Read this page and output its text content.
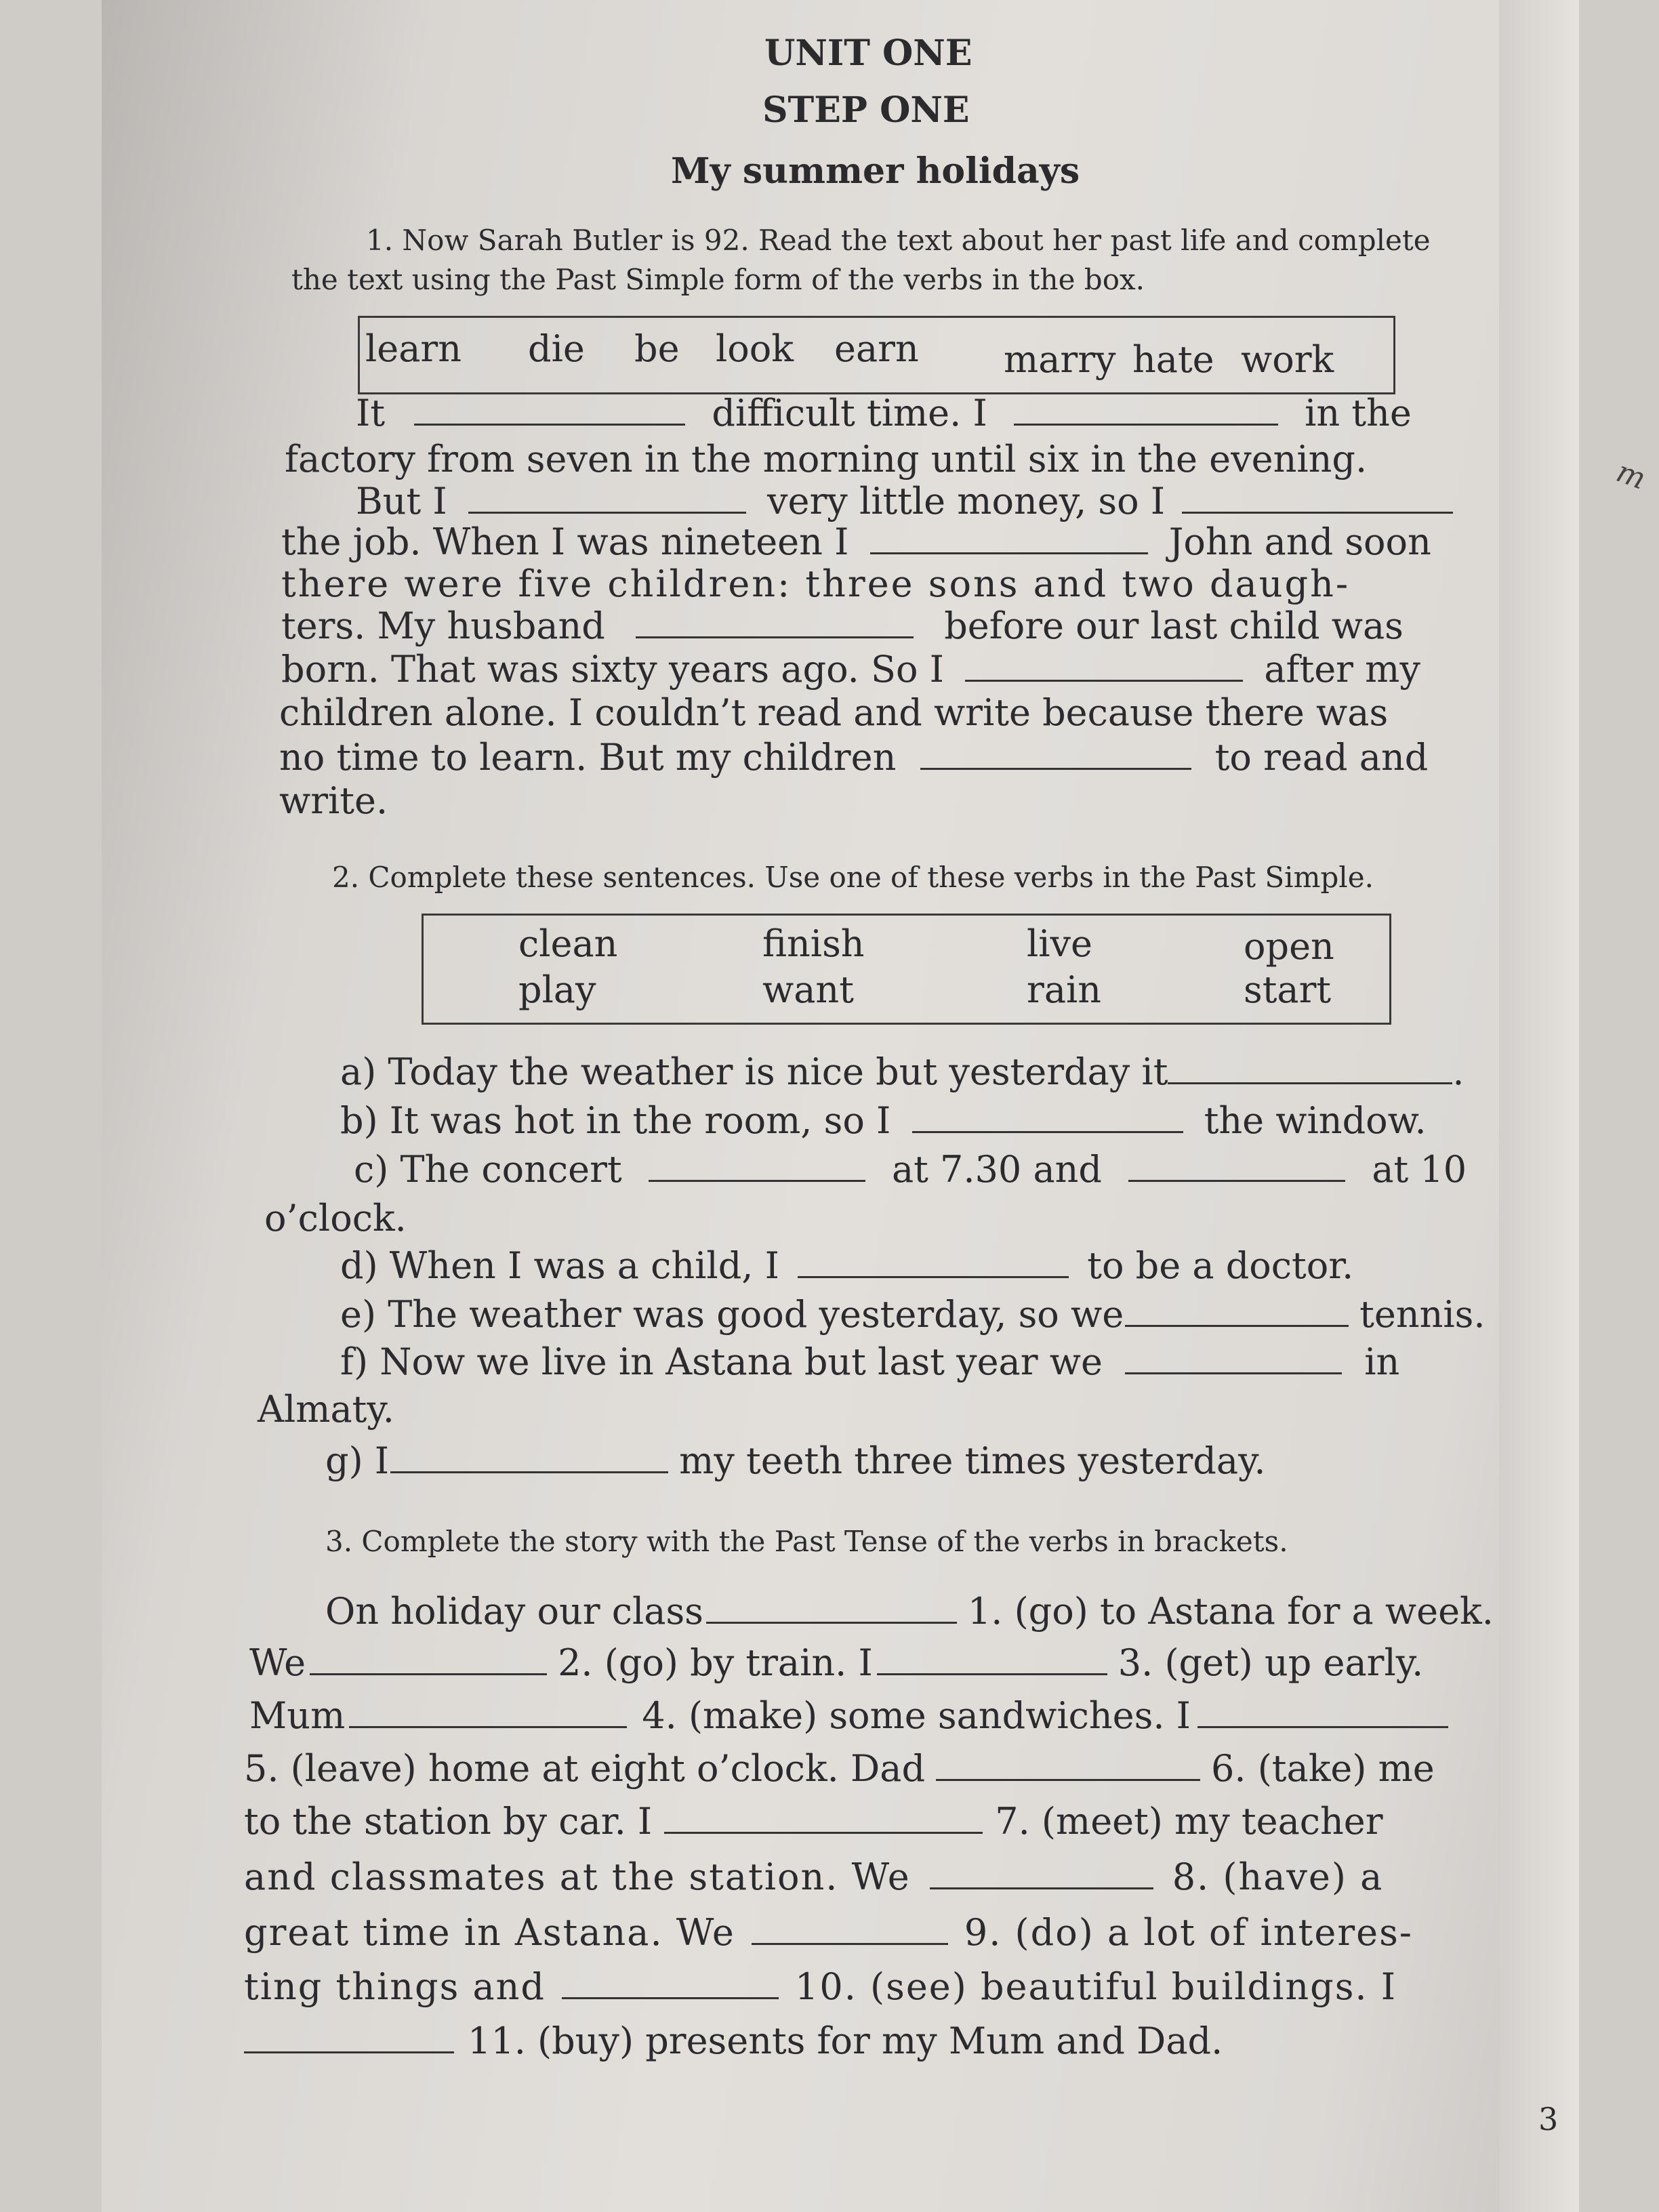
UNIT ONE
STEP ONE
My summer holidays
1. Now Sarah Butler is 92. Read the text about her past life and complete
the text using the Past Simple form of the verbs in the box.
learn die be look earn marry hate work
It	difficult time. I	in the
factory from seven in the morning until six in the evening.
But I	very little money, so I
the job. When I was nineteen I	John and soon
there were five children: three sons and two daugh-
ters. My husband	before our last child was
born. That was sixty years ago. So I	after my
children alone. I couldn’t read and write because there was
no time to learn. But my children	to read and
write.
2. Complete these sentences. Use one of these verbs in the Past Simple.
clean	finish	live	open
play	want	rain	start
a) Today the weather is nice but yesterday it	.
b) It was hot in the room, so I	the window.
c) The concert	at 7.30 and	at 10
o’clock.
d) When I was a child, I	to be a doctor.
e) The weather was good yesterday, so we	tennis.
f) Now we live in Astana but last year we	in
Almaty.
g) I	my teeth three times yesterday.
3. Complete the story with the Past Tense of the verbs in brackets.
On holiday our class	1. (go) to Astana for a week.
We	2. (go) by train. I	3. (get) up early.
Mum	4. (make) some sandwiches. I
5. (leave) home at eight o’clock. Dad	6. (take) me
to the station by car. I	7. (meet) my teacher
and classmates at the station. We	8. (have) a
great time in Astana. We	9. (do) a lot of interes-
ting things and	10. (see) beautiful buildings. I
11. (buy) presents for my Mum and Dad.
3
m
